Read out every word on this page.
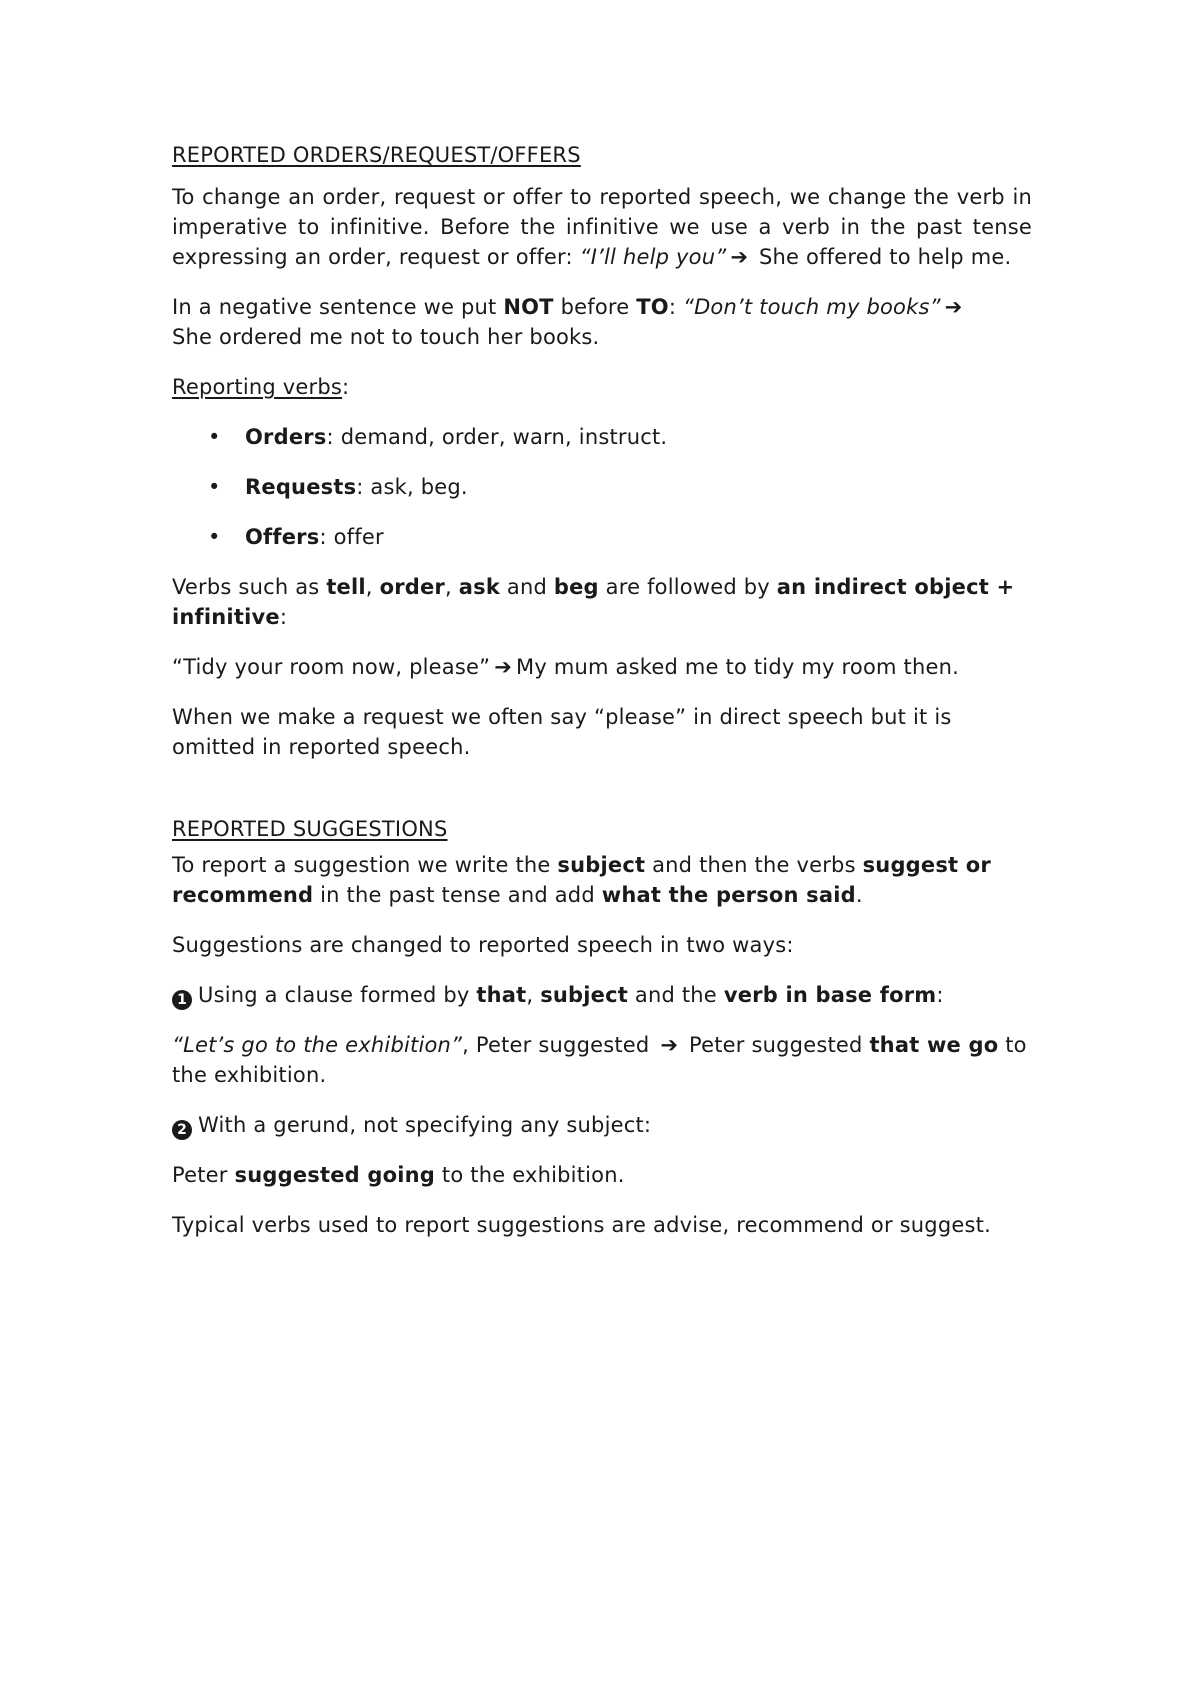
REPORTED ORDERS/REQUEST/OFFERS

To change an order, request or offer to reported speech, we change the verb in imperative to infinitive. Before the infinitive we use a verb in the past tense expressing an order, request or offer: “I’ll help you” ➔ She offered to help me.

In a negative sentence we put NOT before TO: “Don’t touch my books” ➔
She ordered me not to touch her books.

Reporting verbs:

• Orders: demand, order, warn, instruct.
• Requests: ask, beg.
• Offers: offer

Verbs such as tell, order, ask and beg are followed by an indirect object + infinitive:

“Tidy your room now, please” ➔ My mum asked me to tidy my room then.

When we make a request we often say “please” in direct speech but it is omitted in reported speech.

REPORTED SUGGESTIONS

To report a suggestion we write the subject and then the verbs suggest or recommend in the past tense and add what the person said.

Suggestions are changed to reported speech in two ways:

1 Using a clause formed by that, subject and the verb in base form:

“Let’s go to the exhibition”, Peter suggested ➔ Peter suggested that we go to the exhibition.

2 With a gerund, not specifying any subject:

Peter suggested going to the exhibition.

Typical verbs used to report suggestions are advise, recommend or suggest.
